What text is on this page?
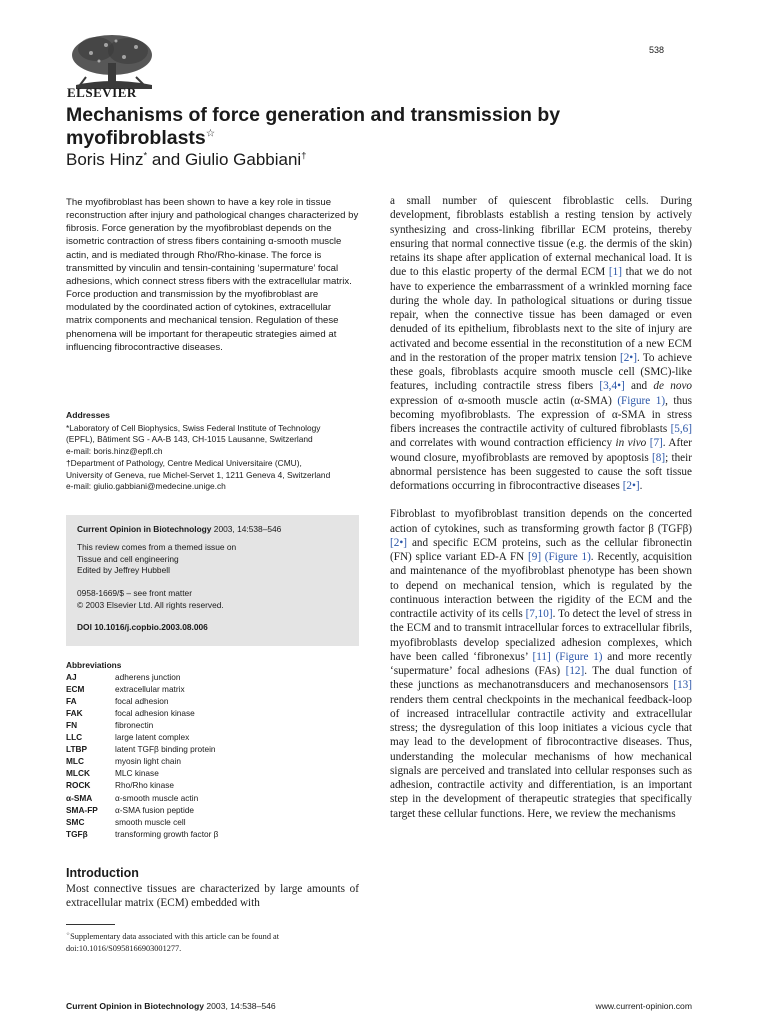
ELSEVIER
538
Mechanisms of force generation and transmission by myofibroblasts☆
Boris Hinz* and Giulio Gabbiani†
The myofibroblast has been shown to have a key role in tissue reconstruction after injury and pathological changes characterized by fibrosis. Force generation by the myofibroblast depends on the isometric contraction of stress fibers containing α-smooth muscle actin, and is mediated through Rho/Rho-kinase. The force is transmitted by vinculin and tensin-containing ‘supermature’ focal adhesions, which connect stress fibers with the extracellular matrix. Force production and transmission by the myofibroblast are modulated by the coordinated action of cytokines, extracellular matrix components and mechanical tension. Regulation of these phenomena will be important for therapeutic strategies aimed at influencing fibrocontractive diseases.
Addresses
*Laboratory of Cell Biophysics, Swiss Federal Institute of Technology
(EPFL), Bâtiment SG - AA-B 143, CH-1015 Lausanne, Switzerland
e-mail: boris.hinz@epfl.ch
†Department of Pathology, Centre Medical Universitaire (CMU),
University of Geneva, rue Michel-Servet 1, 1211 Geneva 4, Switzerland
e-mail: giulio.gabbiani@medecine.unige.ch
Current Opinion in Biotechnology 2003, 14:538–546
This review comes from a themed issue on
Tissue and cell engineering
Edited by Jeffrey Hubbell
0958-1669/$ – see front matter
© 2003 Elsevier Ltd. All rights reserved.
DOI 10.1016/j.copbio.2003.08.006
Abbreviations
AJ	adherens junction
ECM	extracellular matrix
FA	focal adhesion
FAK	focal adhesion kinase
FN	fibronectin
LLC	large latent complex
LTBP	latent TGFβ binding protein
MLC	myosin light chain
MLCK	MLC kinase
ROCK	Rho/Rho kinase
α-SMA	α-smooth muscle actin
SMA-FP	α-SMA fusion peptide
SMC	smooth muscle cell
TGFβ	transforming growth factor β
Introduction
Most connective tissues are characterized by large amounts of extracellular matrix (ECM) embedded with
☆Supplementary data associated with this article can be found at doi:10.1016/S0958166903001277.

a small number of quiescent fibroblastic cells. During development, fibroblasts establish a resting tension by actively synthesizing and cross-linking fibrillar ECM proteins, thereby ensuring that normal connective tissue (e.g. the dermis of the skin) retains its shape after application of external mechanical load. It is due to this elastic property of the dermal ECM [1] that we do not have to experience the embarrassment of a wrinkled morning face during the whole day. In pathological situations or during tissue repair, when the connective tissue has been damaged or even denuded of its epithelium, fibroblasts next to the site of injury are activated and become essential in the reconstitution of a new ECM and in the restoration of the proper matrix tension [2•]. To achieve these goals, fibroblasts acquire smooth muscle cell (SMC)-like features, including contractile stress fibers [3,4•] and de novo expression of α-smooth muscle actin (α-SMA) (Figure 1), thus becoming myofibroblasts. The expression of α-SMA in stress fibers increases the contractile activity of cultured fibroblasts [5,6] and correlates with wound contraction efficiency in vivo [7]. After wound closure, myofibroblasts are removed by apoptosis [8]; their abnormal persistence has been suggested to cause the soft tissue deformations occurring in fibrocontractive diseases [2•].

Fibroblast to myofibroblast transition depends on the concerted action of cytokines, such as transforming growth factor β (TGFβ) [2•] and specific ECM proteins, such as the cellular fibronectin (FN) splice variant ED-A FN [9] (Figure 1). Recently, acquisition and maintenance of the myofibroblast phenotype has been shown to depend on mechanical tension, which is regulated by the continuous interaction between the rigidity of the ECM and the contractile activity of its cells [7,10]. To detect the level of stress in the ECM and to transmit intracellular forces to extracellular fibrils, myofibroblasts develop specialized adhesion complexes, which have been called ‘fibronexus’ [11] (Figure 1) and more recently ‘supermature’ focal adhesions (FAs) [12]. The dual function of these junctions as mechanotransducers and mechanosensors [13] renders them central checkpoints in the mechanical feedback-loop of increased intracellular contractile activity and extracellular stress; the dysregulation of this loop initiates a vicious cycle that may lead to the development of fibrocontractive diseases. Thus, understanding the molecular mechanisms of how mechanical signals are perceived and translated into cellular responses such as adhesion, contractile activity and differentiation, is an important step in the development of therapeutic strategies that specifically target these cellular functions. Here, we review the mechanisms

Current Opinion in Biotechnology 2003, 14:538–546	www.current-opinion.com
